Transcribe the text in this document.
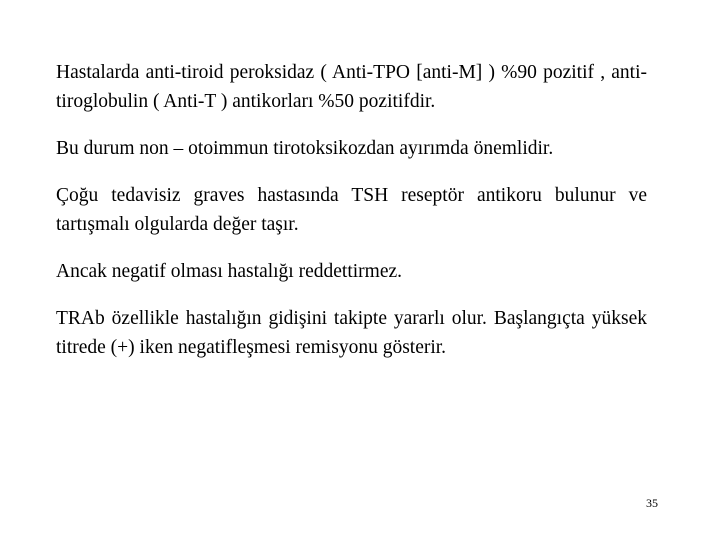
Hastalarda anti-tiroid peroksidaz ( Anti-TPO [anti-M] ) %90 pozitif , anti-tiroglobulin ( Anti-T ) antikorları %50 pozitifdir.

Bu durum non – otoimmun tirotoksikozdan ayırımda önemlidir.

Çoğu tedavisiz graves hastasında TSH reseptör antikoru bulunur ve tartışmalı olgularda değer taşır.

Ancak negatif olması hastalığı reddettirmez.

TRAb özellikle hastalığın gidişini takipte yararlı olur. Başlangıçta yüksek titrede (+) iken negatifleşmesi remisyonu gösterir.

35
